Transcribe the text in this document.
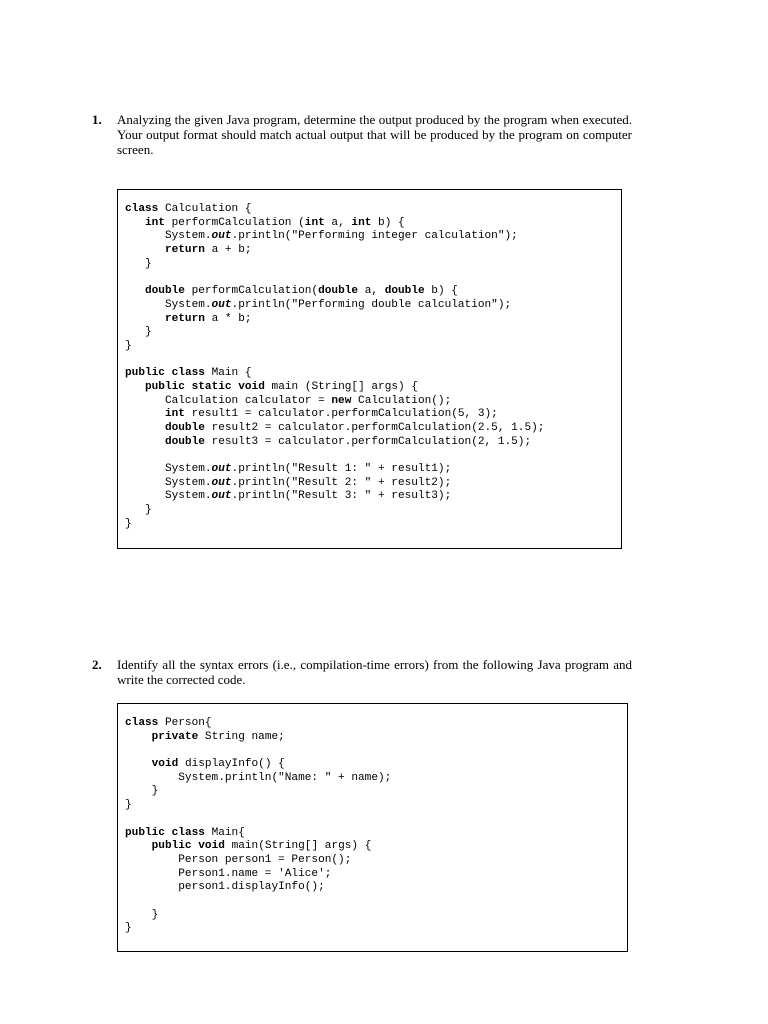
1. Analyzing the given Java program, determine the output produced by the program when executed. Your output format should match actual output that will be produced by the program on computer screen.
class Calculation {
int performCalculation (int a, int b) {
System.out.println("Performing integer calculation");
return a + b;
}

double performCalculation(double a, double b) {
System.out.println("Performing double calculation");
return a * b;
}
}

public class Main {
public static void main (String[] args) {
Calculation calculator = new Calculation();
int result1 = calculator.performCalculation(5, 3);
double result2 = calculator.performCalculation(2.5, 1.5);
double result3 = calculator.performCalculation(2, 1.5);

System.out.println("Result 1: " + result1);
System.out.println("Result 2: " + result2);
System.out.println("Result 3: " + result3);
}
}
2. Identify all the syntax errors (i.e., compilation-time errors) from the following Java program and write the corrected code.
class Person{
private String name;

void displayInfo() {
System.println("Name: " + name);
}
}

public class Main{
public void main(String[] args) {
Person person1 = Person();
Person1.name = 'Alice';
person1.displayInfo();

}
}
